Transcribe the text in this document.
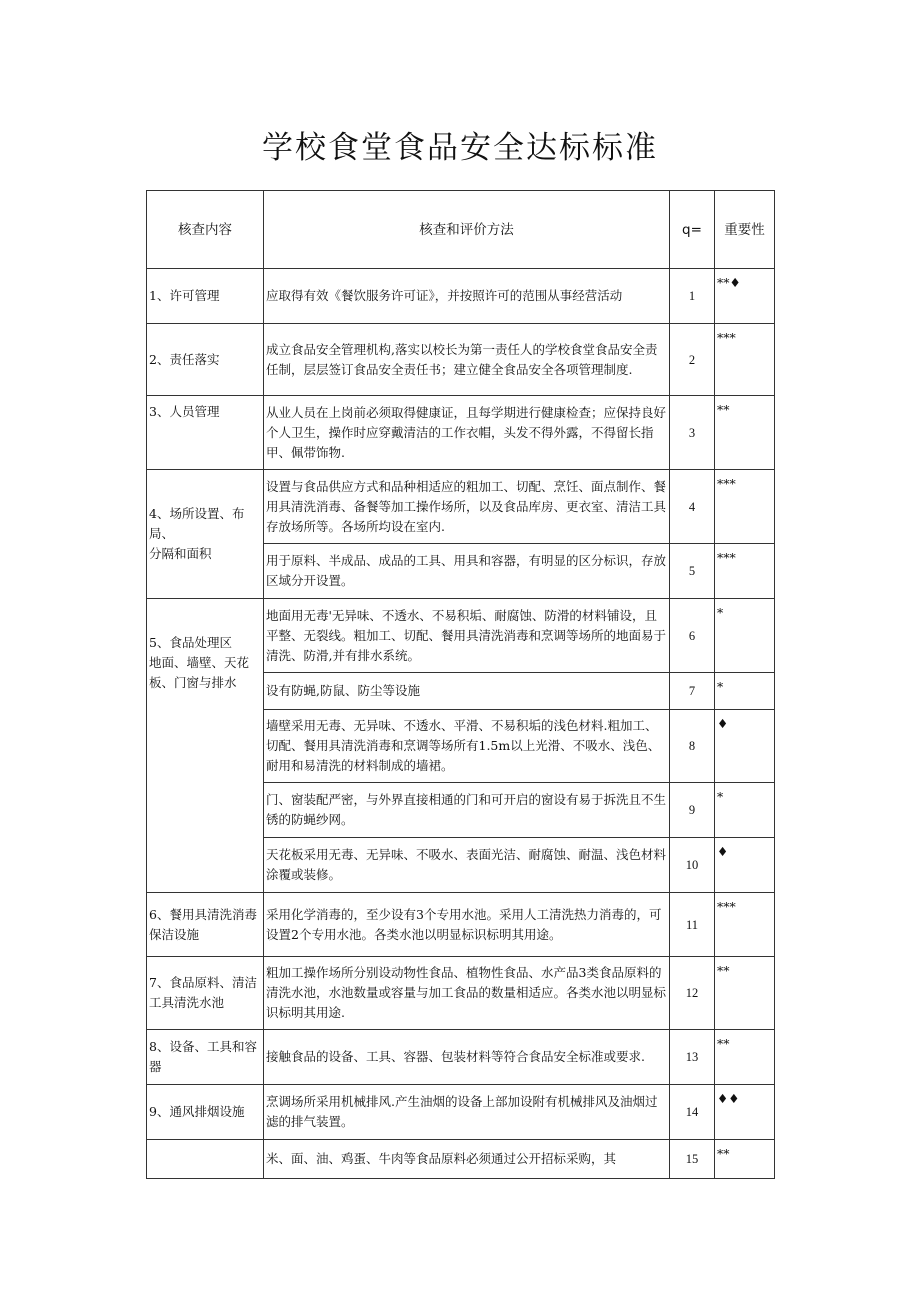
学校食堂食品安全达标标准
核查内容	核查和评价方法	q=	重要性
1、许可管理	应取得有效《餐饮服务许可证》，并按照许可的范围从事经营活动	1	**♦
2、责任落实	成立食品安全管理机构,落实以校长为第一责任人的学校食堂食品安全责任制，层层签订食品安全责任书；建立健全食品安全各项管理制度.	2	***
3、人员管理	从业人员在上岗前必须取得健康证，且每学期进行健康检查；应保持良好个人卫生，操作时应穿戴清洁的工作衣帽，头发不得外露，不得留长指甲、佩带饰物.	3	**
4、场所设置、布局、
分隔和面积	设置与食品供应方式和品种相适应的粗加工、切配、烹饪、面点制作、餐用具清洗消毒、备餐等加工操作场所，以及食品库房、更衣室、清洁工具存放场所等。各场所均设在室内.	4	***
	用于原料、半成品、成品的工具、用具和容器，有明显的区分标识，存放区域分开设置。	5	***
5、食品处理区
地面、墙壁、天花板、门窗与排水	地面用无毒'无异味、不透水、不易积垢、耐腐蚀、防滑的材料铺设，且平整、无裂线。粗加工、切配、餐用具清洗消毒和烹调等场所的地面易于清洗、防滑,并有排水系统。	6	*
	设有防蝇,防鼠、防尘等设施	7	*
	墙壁采用无毒、无异味、不透水、平滑、不易积垢的浅色材料.粗加工、切配、餐用具清洗消毒和烹调等场所有1.5m以上光滑、不吸水、浅色、耐用和易清洗的材料制成的墙裙。	8	♦
	门、窗装配严密，与外界直接相通的门和可开启的窗设有易于拆洗且不生锈的防蝇纱网。	9	*
	天花板采用无毒、无异味、不吸水、表面光洁、耐腐蚀、耐温、浅色材料涂覆或装修。	10	♦
6、餐用具清洗消毒
保洁设施	采用化学消毒的，至少设有3个专用水池。采用人工清洗热力消毒的，可设置2个专用水池。各类水池以明显标识标明其用途。	11	***
7、食品原料、清洁工具清洗水池	粗加工操作场所分别设动物性食品、植物性食品、水产品3类食品原料的清洗水池，水池数量或容量与加工食品的数量相适应。各类水池以明显标识标明其用途.	12	**
8、设备、工具和容器	接触食品的设备、工具、容器、包装材料等符合食品安全标准或要求.	13	**
9、通风排烟设施	烹调场所采用机械排风.产生油烟的设备上部加设附有机械排风及油烟过滤的排气装置。	14	♦♦
	米、面、油、鸡蛋、牛肉等食品原料必须通过公开招标采购，其	15	**
